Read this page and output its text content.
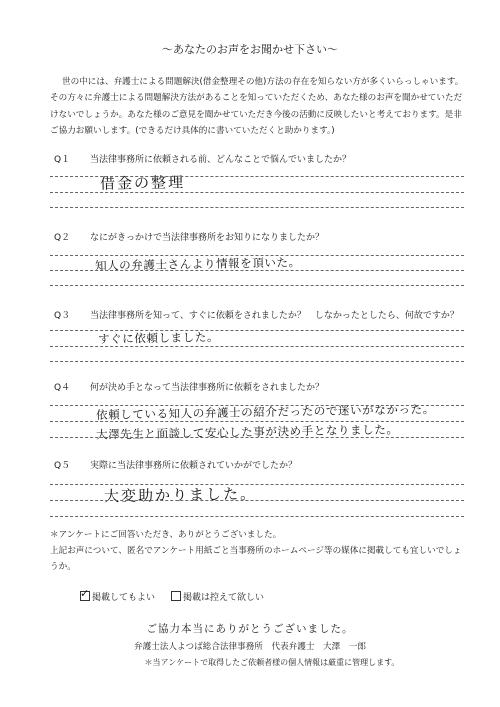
～あなたのお声をお聞かせ下さい～
世の中には、弁護士による問題解決(借金整理その他)方法の存在を知らない方が多くいらっしゃいます。その方々に弁護士による問題解決方法があることを知っていただくため、あなた様のお声を聞かせていただけないでしょうか。あなた様のご意見を聞かせていただき今後の活動に反映したいと考えております。是非ご協力お願いします。(できるだけ具体的に書いていただくと助かります。)
Q１ 当法律事務所に依頼される前、どんなことで悩んでいましたか？
借金の整理
Q２ なにがきっかけで当法律事務所をお知りになりましたか？
知人の弁護士さんより情報を頂いた。
Q３ 当法律事務所を知って、すぐに依頼をされましたか？　しなかったとしたら、何故ですか？
すぐに依頼しました。
Q４ 何が決め手となって当法律事務所に依頼をされましたか？
依頼している知人の弁護士の紹介だったので迷いがなかった。
大澤先生と面談して安心した事が決め手となりました。
Q５ 実際に当法律事務所に依頼されていかがでしたか？
大変助かりました。
＊アンケートにご回答いただき、ありがとうございました。
上記お声について、匿名でアンケート用紙ごと当事務所のホームページ等の媒体に掲載しても宜しいでしょうか。
✓掲載してもよい	掲載は控えて欲しい
ご協力本当にありがとうございました。
弁護士法人よつば総合法律事務所　代表弁護士　大澤　一郎
＊当アンケートで取得したご依頼者様の個人情報は厳重に管理します。
